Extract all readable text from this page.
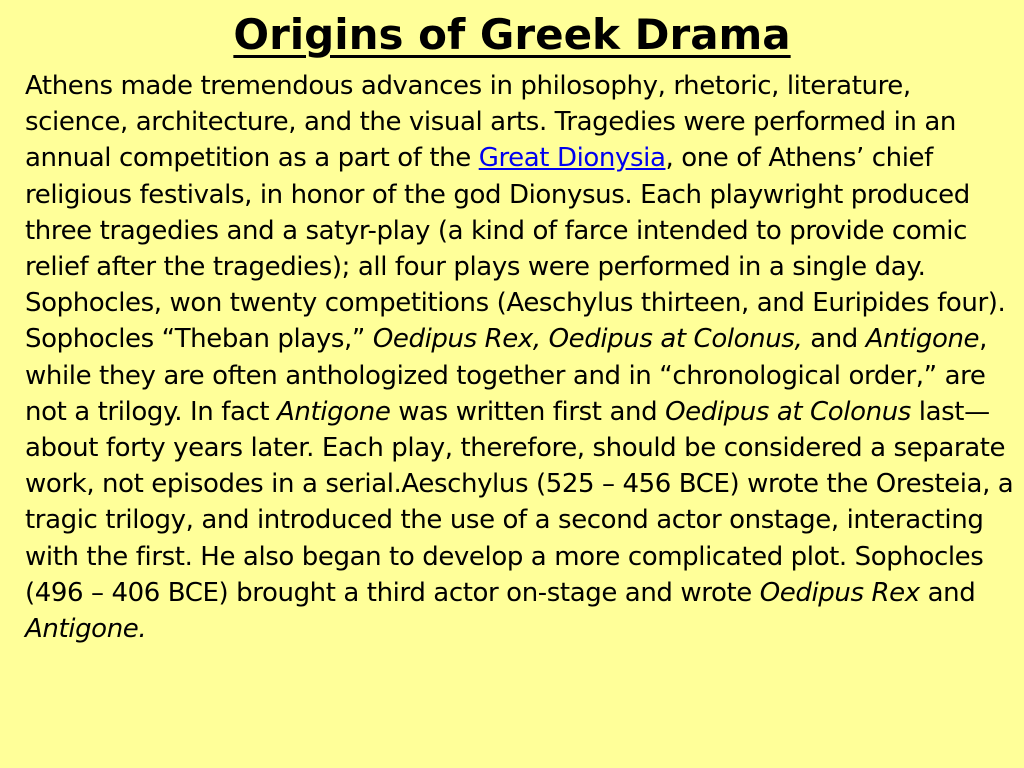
Origins of Greek Drama

Athens made tremendous advances in philosophy, rhetoric, literature, science, architecture, and the visual arts. Tragedies were performed in an annual competition as a part of the Great Dionysia, one of Athens’ chief religious festivals, in honor of the god Dionysus. Each playwright produced three tragedies and a satyr-play (a kind of farce intended to provide comic relief after the tragedies); all four plays were performed in a single day. Sophocles, won twenty competitions (Aeschylus thirteen, and Euripides four). Sophocles “Theban plays,” Oedipus Rex, Oedipus at Colonus, and Antigone, while they are often anthologized together and in “chronological order,” are not a trilogy. In fact Antigone was written first and Oedipus at Colonus last—about forty years later. Each play, therefore, should be considered a separate work, not episodes in a serial.Aeschylus (525 – 456 BCE) wrote the Oresteia, a tragic trilogy, and introduced the use of a second actor onstage, interacting with the first. He also began to develop a more complicated plot. Sophocles (496 – 406 BCE) brought a third actor on-stage and wrote Oedipus Rex and Antigone.
